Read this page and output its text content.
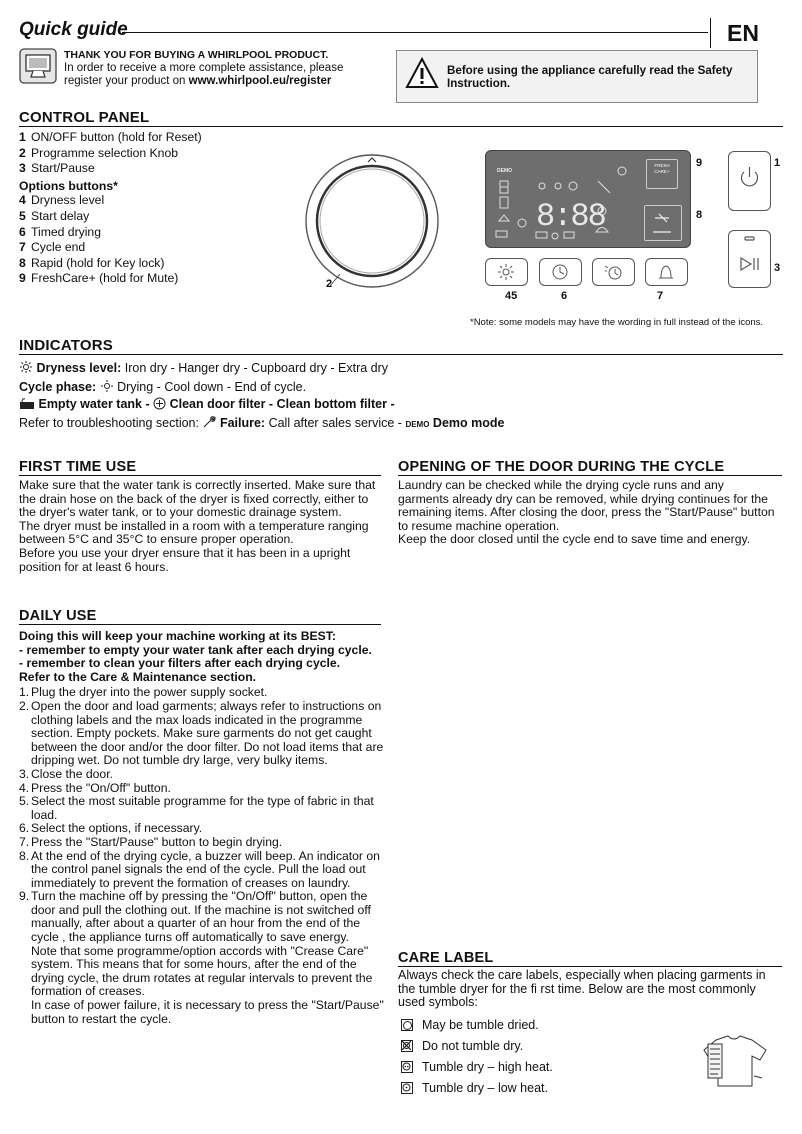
Quick guide	EN
THANK YOU FOR BUYING A WHIRLPOOL PRODUCT.
In order to receive a more complete assistance, please
register your product on www.whirlpool.eu/register
Before using the appliance carefully read the Safety Instruction.
CONTROL PANEL
1 ON/OFF button (hold for Reset)
2 Programme selection Knob
3 Start/Pause
Options buttons*
4 Dryness level
5 Start delay
6 Timed drying
7 Cycle end
8 Rapid (hold for Key lock)
9 FreshCare+ (hold for Mute)	2
DEMO
8:88
FRESH CARE+
9
8
45	6	7
1
3
*Note: some models may have the wording in full instead of the icons.
INDICATORS
Dryness level: Iron dry - Hanger dry - Cupboard dry - Extra dry
Cycle phase: Drying - Cool down - End of cycle.
Empty water tank - Clean door filter - Clean bottom filter -
Refer to troubleshooting section: Failure: Call after sales service - DEMO Demo mode
FIRST TIME USE
Make sure that the water tank is correctly inserted. Make sure that the drain hose on the back of the dryer is fixed correctly, either to the dryer's water tank, or to your domestic drainage system.
The dryer must be installed in a room with a temperature ranging between 5°C and 35°C to ensure proper operation.
Before you use your dryer ensure that it has been in a upright position for at least 6 hours.
DAILY USE
Doing this will keep your machine working at its BEST:
- remember to empty your water tank after each drying cycle.
- remember to clean your filters after each drying cycle.
Refer to the Care & Maintenance section.
1. Plug the dryer into the power supply socket.
2. Open the door and load garments; always refer to instructions on clothing labels and the max loads indicated in the programme section. Empty pockets. Make sure garments do not get caught between the door and/or the door filter. Do not load items that are dripping wet. Do not tumble dry large, very bulky items.
3. Close the door.
4. Press the "On/Off" button.
5. Select the most suitable programme for the type of fabric in that load.
6. Select the options, if necessary.
7. Press the "Start/Pause" button to begin drying.
8. At the end of the drying cycle, a buzzer will beep. An indicator on the control panel signals the end of the cycle. Pull the load out immediately to prevent the formation of creases on laundry.
9. Turn the machine off by pressing the "On/Off" button, open the door and pull the clothing out. If the machine is not switched off manually, after about a quarter of an hour from the end of the cycle , the appliance turns off automatically to save energy.
Note that some programme/option accords with "Crease Care" system. This means that for some hours, after the end of the drying cycle, the drum rotates at regular intervals to prevent the formation of creases.
In case of power failure, it is necessary to press the "Start/Pause" button to restart the cycle.
OPENING OF THE DOOR DURING THE CYCLE
Laundry can be checked while the drying cycle runs and any garments already dry can be removed, while drying continues for the remaining items. After closing the door, press the "Start/Pause" button to resume machine operation.
Keep the door closed until the cycle end to save time and energy.
CARE LABEL
Always check the care labels, especially when placing garments in the tumble dryer for the fi rst time. Below are the most commonly used symbols:
May be tumble dried.
Do not tumble dry.
Tumble dry – high heat.
Tumble dry – low heat.
